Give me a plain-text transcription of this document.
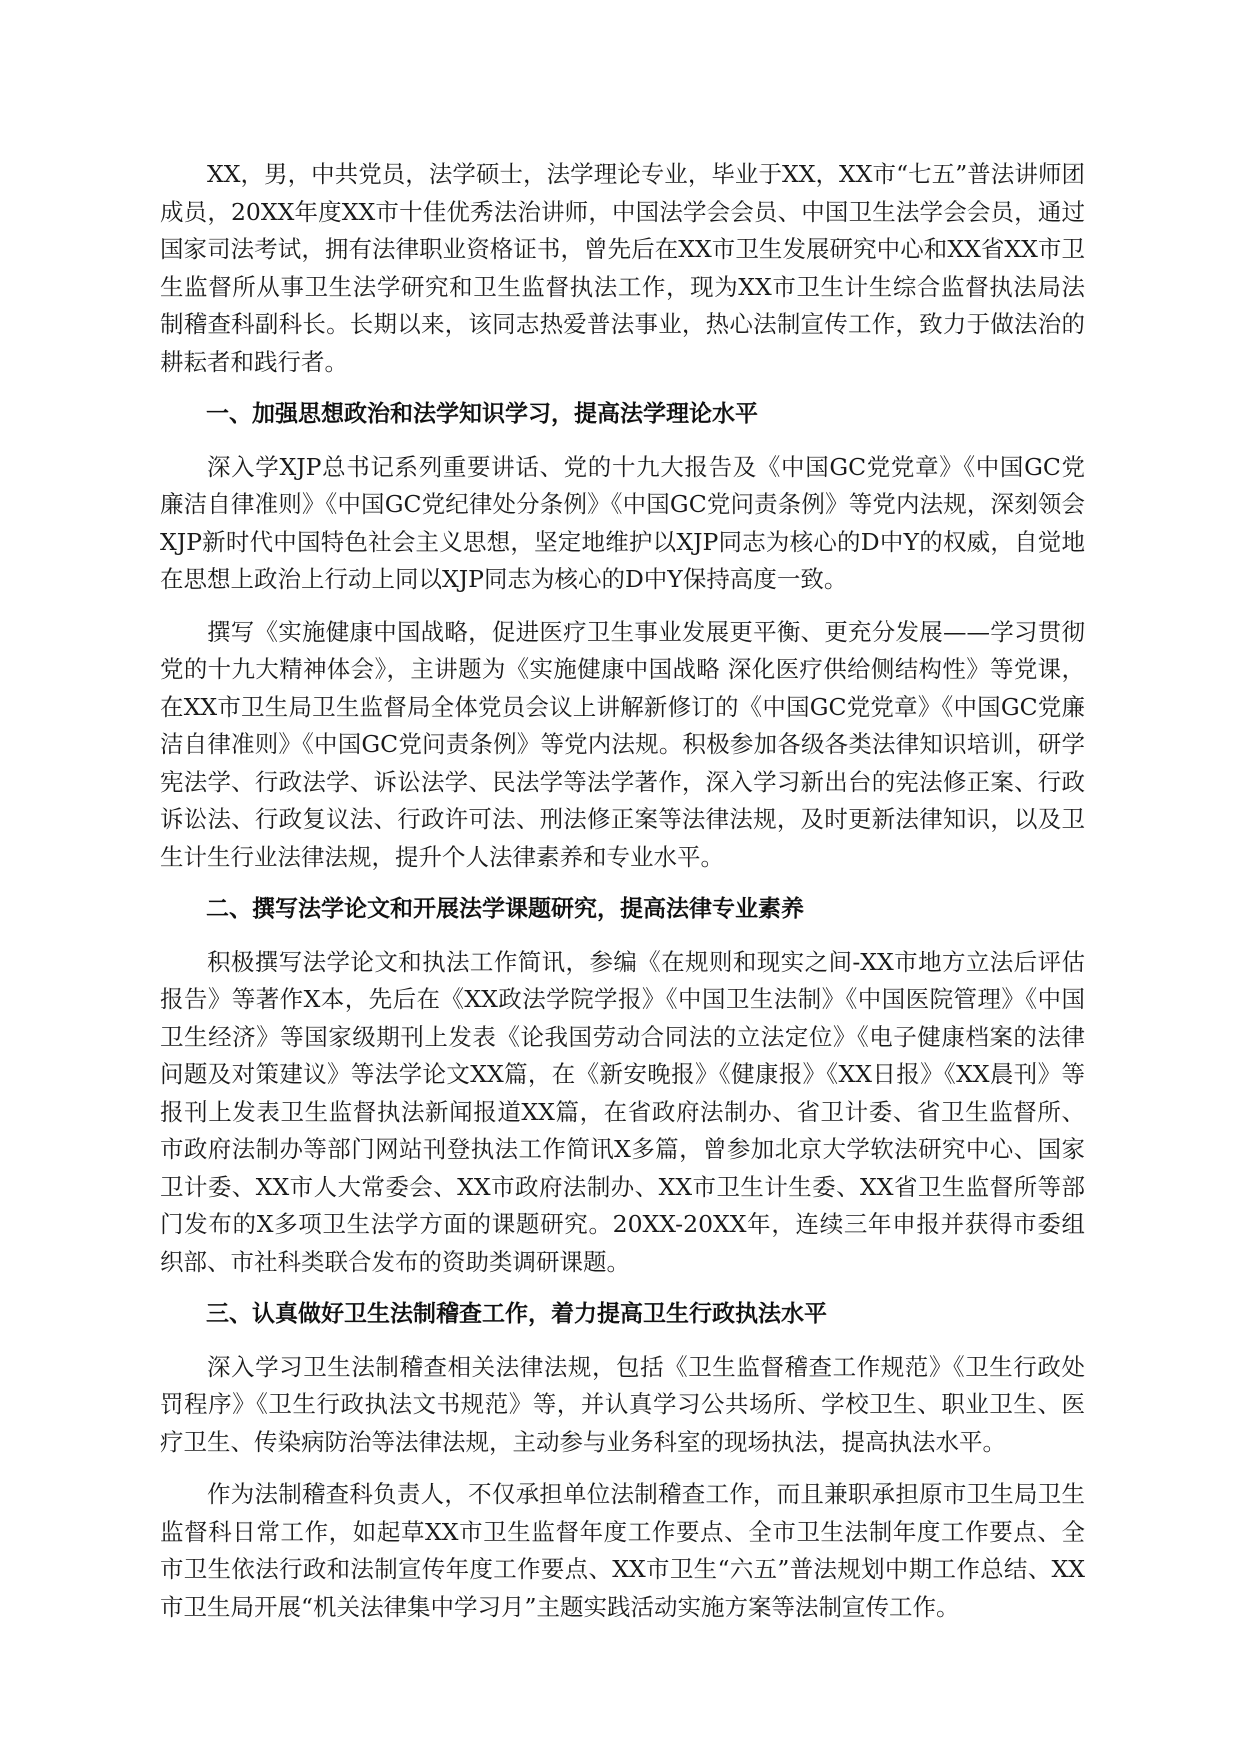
XX，男，中共党员，法学硕士，法学理论专业，毕业于XX，XX市“七五”普法讲师团成员，20XX年度XX市十佳优秀法治讲师，中国法学会会员、中国卫生法学会会员，通过国家司法考试，拥有法律职业资格证书，曾先后在XX市卫生发展研究中心和XX省XX市卫生监督所从事卫生法学研究和卫生监督执法工作，现为XX市卫生计生综合监督执法局法制稽查科副科长。长期以来，该同志热爱普法事业，热心法制宣传工作，致力于做法治的耕耘者和践行者。

一、加强思想政治和法学知识学习，提高法学理论水平

深入学XJP总书记系列重要讲话、党的十九大报告及《中国GC党党章》《中国GC党廉洁自律准则》《中国GC党纪律处分条例》《中国GC党问责条例》等党内法规，深刻领会XJP新时代中国特色社会主义思想，坚定地维护以XJP同志为核心的D中Y的权威，自觉地在思想上政治上行动上同以XJP同志为核心的D中Y保持高度一致。

撰写《实施健康中国战略，促进医疗卫生事业发展更平衡、更充分发展——学习贯彻党的十九大精神体会》，主讲题为《实施健康中国战略 深化医疗供给侧结构性》等党课，在XX市卫生局卫生监督局全体党员会议上讲解新修订的《中国GC党党章》《中国GC党廉洁自律准则》《中国GC党问责条例》等党内法规。积极参加各级各类法律知识培训，研学宪法学、行政法学、诉讼法学、民法学等法学著作，深入学习新出台的宪法修正案、行政诉讼法、行政复议法、行政许可法、刑法修正案等法律法规，及时更新法律知识，以及卫生计生行业法律法规，提升个人法律素养和专业水平。

二、撰写法学论文和开展法学课题研究，提高法律专业素养

积极撰写法学论文和执法工作简讯，参编《在规则和现实之间-XX市地方立法后评估报告》等著作X本，先后在《XX政法学院学报》《中国卫生法制》《中国医院管理》《中国卫生经济》等国家级期刊上发表《论我国劳动合同法的立法定位》《电子健康档案的法律问题及对策建议》等法学论文XX篇，在《新安晚报》《健康报》《XX日报》《XX晨刊》等报刊上发表卫生监督执法新闻报道XX篇，在省政府法制办、省卫计委、省卫生监督所、市政府法制办等部门网站刊登执法工作简讯X多篇，曾参加北京大学软法研究中心、国家卫计委、XX市人大常委会、XX市政府法制办、XX市卫生计生委、XX省卫生监督所等部门发布的X多项卫生法学方面的课题研究。20XX-20XX年，连续三年申报并获得市委组织部、市社科类联合发布的资助类调研课题。

三、认真做好卫生法制稽查工作，着力提高卫生行政执法水平

深入学习卫生法制稽查相关法律法规，包括《卫生监督稽查工作规范》《卫生行政处罚程序》《卫生行政执法文书规范》等，并认真学习公共场所、学校卫生、职业卫生、医疗卫生、传染病防治等法律法规，主动参与业务科室的现场执法，提高执法水平。

作为法制稽查科负责人，不仅承担单位法制稽查工作，而且兼职承担原市卫生局卫生监督科日常工作，如起草XX市卫生监督年度工作要点、全市卫生法制年度工作要点、全市卫生依法行政和法制宣传年度工作要点、XX市卫生“六五”普法规划中期工作总结、XX市卫生局开展“机关法律集中学习月”主题实践活动实施方案等法制宣传工作。
